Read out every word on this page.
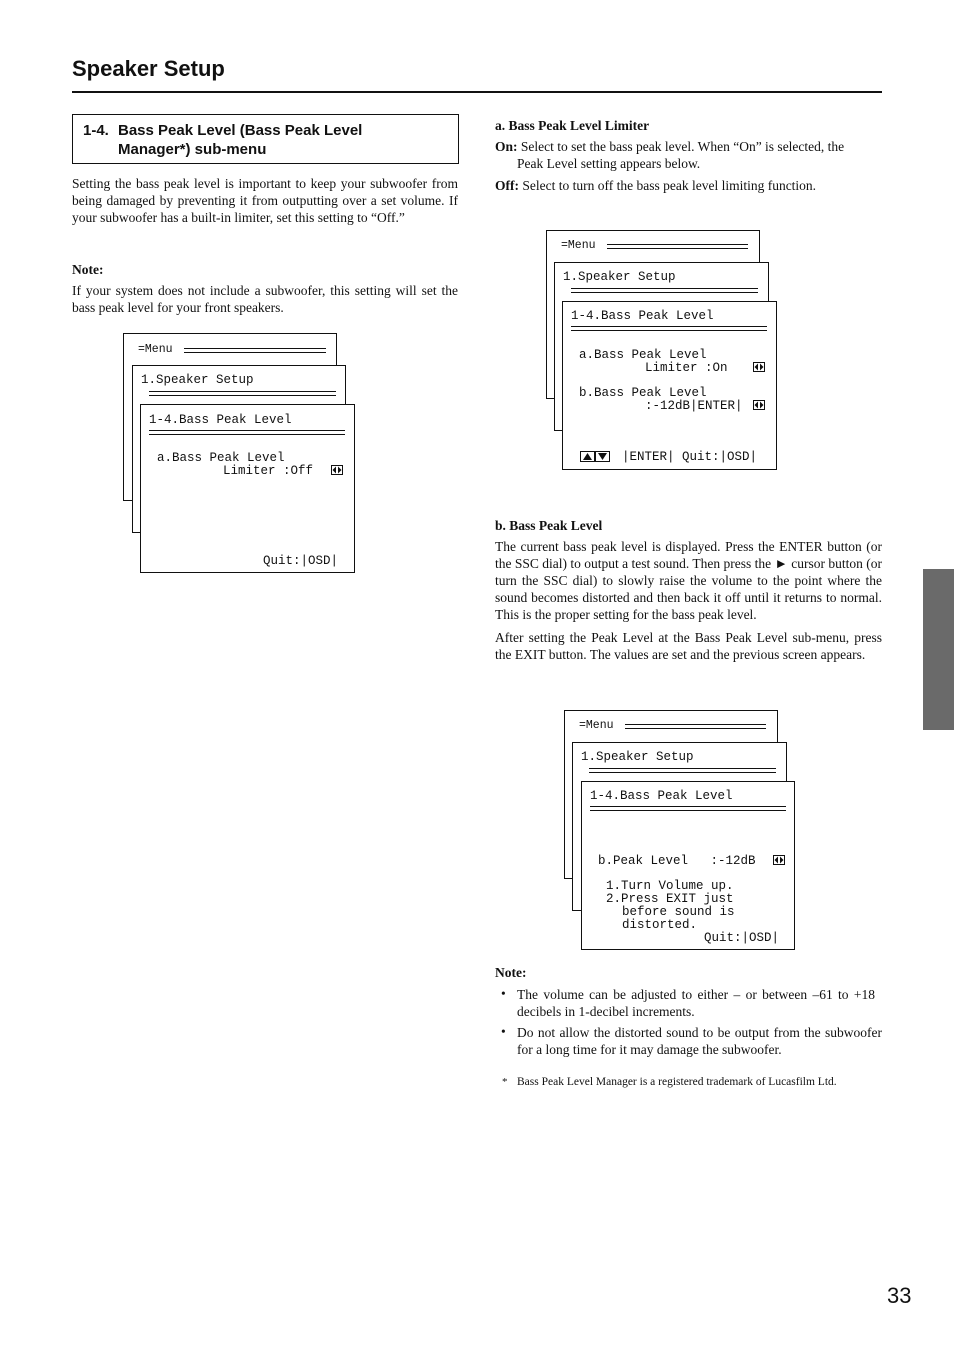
Speaker Setup
1-4. Bass Peak Level (Bass Peak Level
Manager*) sub-menu
Setting the bass peak level is important to keep your subwoofer from being damaged by preventing it from outputting over a set volume. If your subwoofer has a built-in limiter, set this setting to “Off.”
Note:
If your system does not include a subwoofer, this setting will set the bass peak level for your front speakers.
=Menu
1.Speaker Setup
1-4.Bass Peak Level
a.Bass Peak Level
Limiter :Off
Quit:|OSD|
a. Bass Peak Level Limiter
On: Select to set the bass peak level. When “On” is selected, the
Peak Level setting appears below.
Off: Select to turn off the bass peak level limiting function.
=Menu
1.Speaker Setup
1-4.Bass Peak Level
a.Bass Peak Level
Limiter :On
b.Bass Peak Level
:-12dB|ENTER|
|ENTER| Quit:|OSD|
b. Bass Peak Level
The current bass peak level is displayed. Press the ENTER button (or the SSC dial) to output a test sound. Then press the ► cursor button (or turn the SSC dial) to slowly raise the volume to the point where the sound becomes distorted and then back it off until it returns to normal. This is the proper setting for the bass peak level.
After setting the Peak Level at the Bass Peak Level sub-menu, press the EXIT button. The values are set and the previous screen appears.
=Menu
1.Speaker Setup
1-4.Bass Peak Level
b.Peak Level   :-12dB
1.Turn Volume up.
2.Press EXIT just
before sound is
distorted.
Quit:|OSD|
Note:
• The volume can be adjusted to either – or between –61 to +18 decibels in 1-decibel increments.
• Do not allow the distorted sound to be output from the subwoofer for a long time for it may damage the subwoofer.
* Bass Peak Level Manager is a registered trademark of Lucasfilm Ltd.
33
